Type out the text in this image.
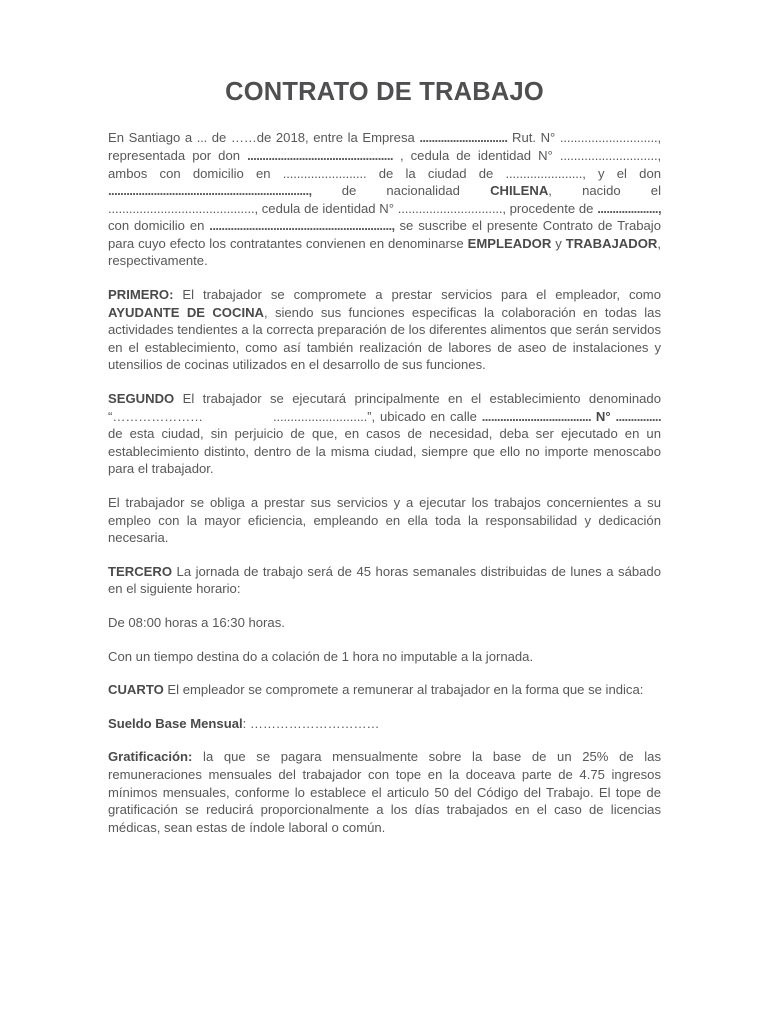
CONTRATO DE TRABAJO

En Santiago a ... de ……de 2018, entre la Empresa ............................. Rut. N° ............................, representada por don ................................................ , cedula de identidad N° ............................, ambos con domicilio en ........................ de la ciudad de ......................, y el don .................................................................., de nacionalidad CHILENA, nacido el .........................................., cedula de identidad N° .............................., procedente de ...................., con domicilio en ............................................................, se suscribe el presente Contrato de Trabajo para cuyo efecto los contratantes convienen en denominarse EMPLEADOR y TRABAJADOR, respectivamente.

PRIMERO: El trabajador se compromete a prestar servicios para el empleador, como AYUDANTE DE COCINA, siendo sus funciones especificas la colaboración en todas las actividades tendientes a la correcta preparación de los diferentes alimentos que serán servidos en el establecimiento, como así también realización de labores de aseo de instalaciones y utensilios de cocinas utilizados en el desarrollo de sus funciones.

SEGUNDO El trabajador se ejecutará principalmente en el establecimiento denominado “…………………	...........................”, ubicado en calle .................................... N° ............... de esta ciudad, sin perjuicio de que, en casos de necesidad, deba ser ejecutado en un establecimiento distinto, dentro de la misma ciudad, siempre que ello no importe menoscabo para el trabajador.

El trabajador se obliga a prestar sus servicios y a ejecutar los trabajos concernientes a su empleo con la mayor eficiencia, empleando en ella toda la responsabilidad y dedicación necesaria.

TERCERO La jornada de trabajo será de 45 horas semanales distribuidas de lunes a sábado en el siguiente horario:

De 08:00 horas a 16:30 horas.

Con un tiempo destina do a colación de 1 hora no imputable a la jornada.

CUARTO El empleador se compromete a remunerar al trabajador en la forma que se indica:

Sueldo Base Mensual: …………………………

Gratificación: la que se pagara mensualmente sobre la base de un 25% de las remuneraciones mensuales del trabajador con tope en la doceava parte de 4.75 ingresos mínimos mensuales, conforme lo establece el articulo 50 del Código del Trabajo. El tope de gratificación se reducirá proporcionalmente a los días trabajados en el caso de licencias médicas, sean estas de índole laboral o común.
